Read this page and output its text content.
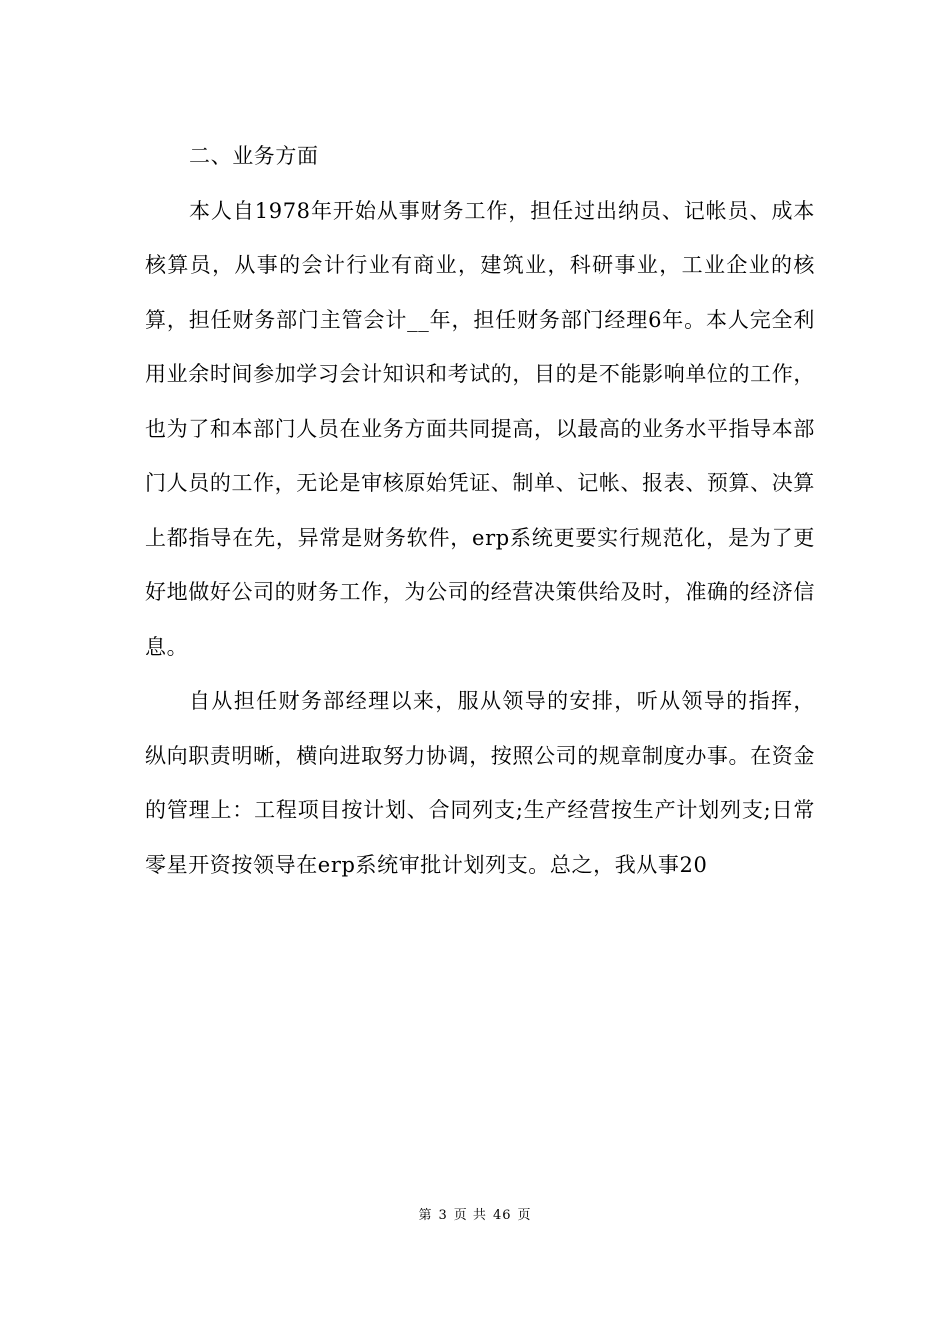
二、业务方面

本人自1978年开始从事财务工作，担任过出纳员、记帐员、成本核算员，从事的会计行业有商业，建筑业，科研事业，工业企业的核算，担任财务部门主管会计__年，担任财务部门经理6年。本人完全利用业余时间参加学习会计知识和考试的，目的是不能影响单位的工作，也为了和本部门人员在业务方面共同提高，以最高的业务水平指导本部门人员的工作，无论是审核原始凭证、制单、记帐、报表、预算、决算上都指导在先，异常是财务软件，erp系统更要实行规范化，是为了更好地做好公司的财务工作，为公司的经营决策供给及时，准确的经济信息。

自从担任财务部经理以来，服从领导的安排，听从领导的指挥，纵向职责明晰，横向进取努力协调，按照公司的规章制度办事。在资金的管理上：工程项目按计划、合同列支;生产经营按生产计划列支;日常零星开资按领导在erp系统审批计划列支。总之，我从事20

第 3 页 共 46 页
